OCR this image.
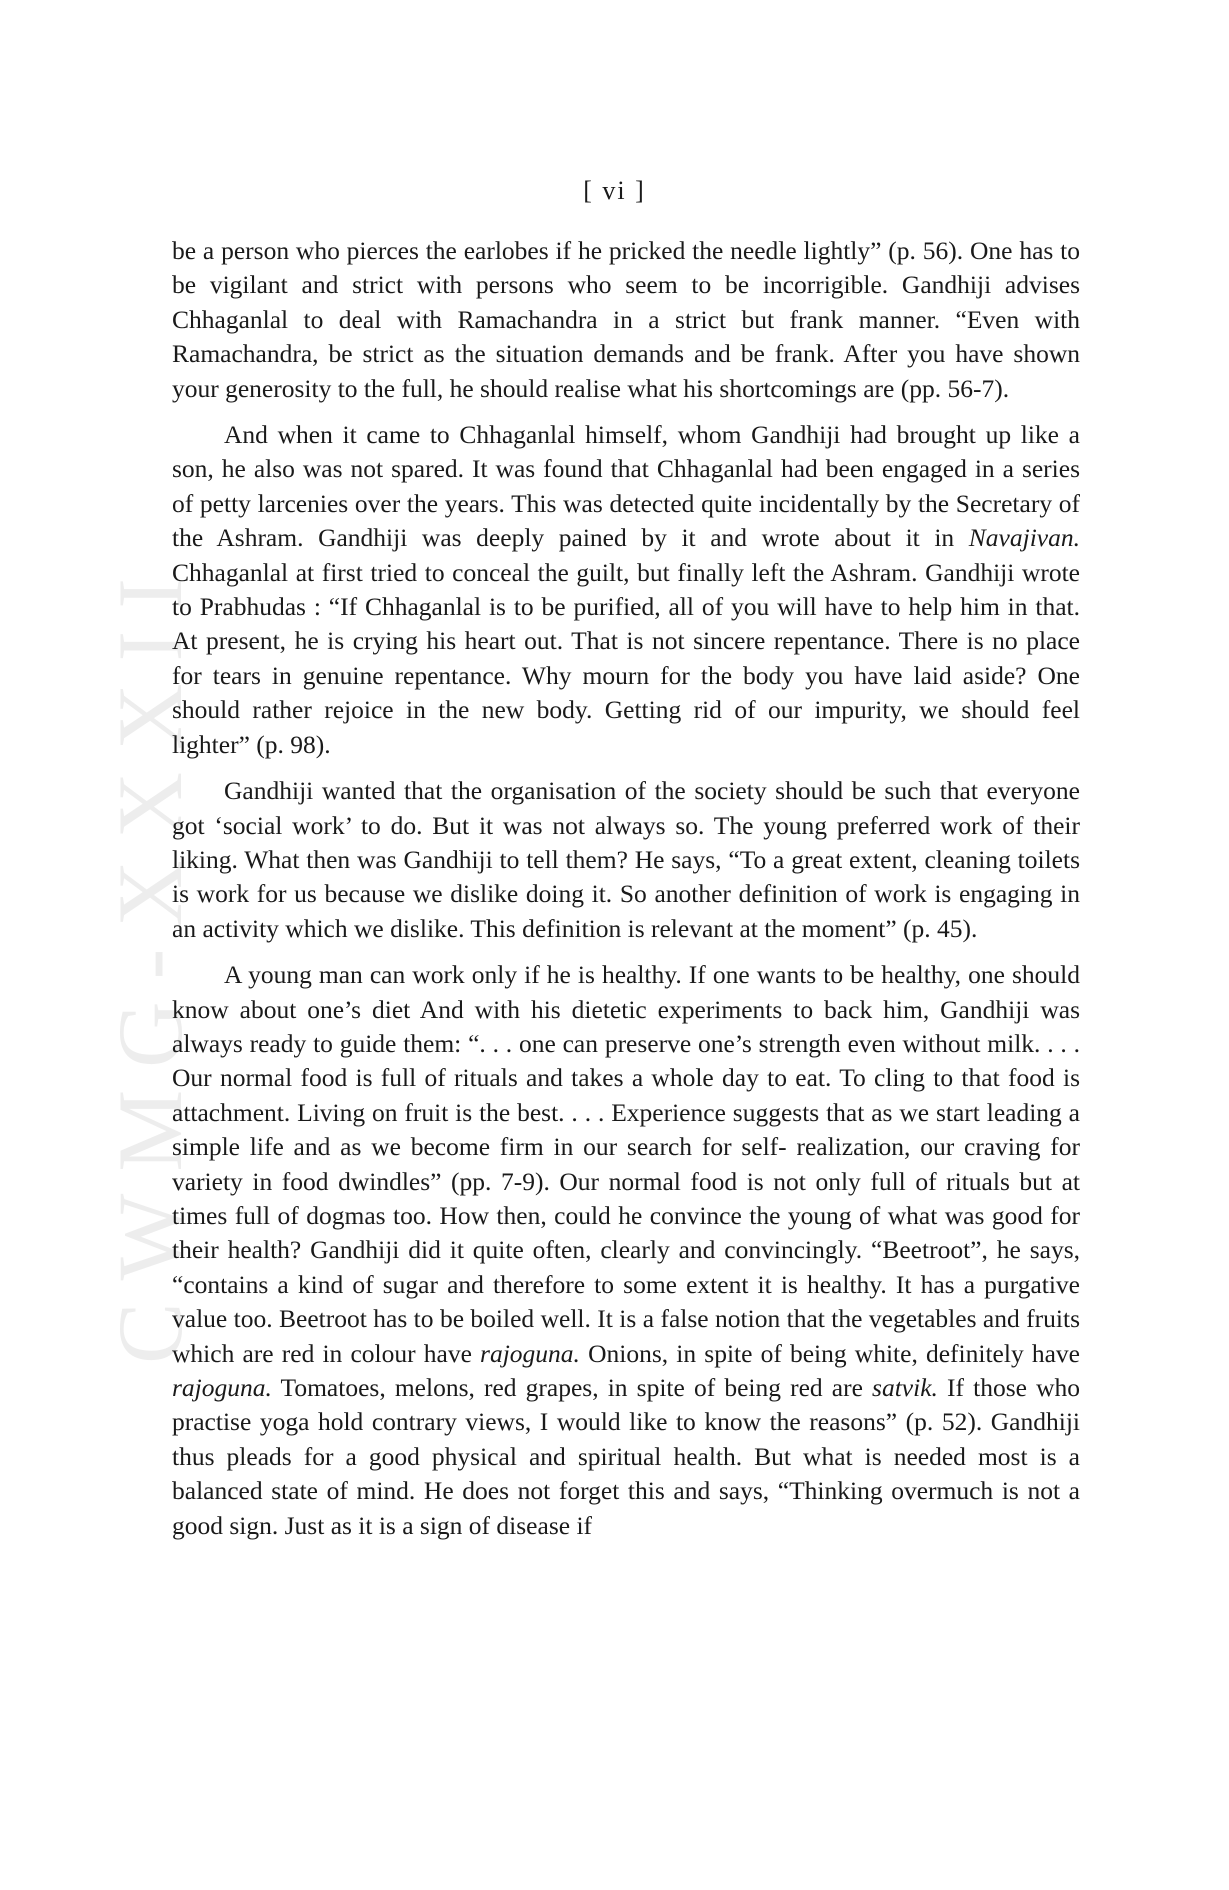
CWMG-XXXII
[ vi ]

be a person who pierces the earlobes if he pricked the needle lightly” (p. 56). One has to be vigilant and strict with persons who seem to be incorrigible. Gandhiji advises Chhaganlal to deal with Ramachandra in a strict but frank manner. “Even with Ramachandra, be strict as the situation demands and be frank. After you have shown your generosity to the full, he should realise what his shortcomings are (pp. 56-7).

And when it came to Chhaganlal himself, whom Gandhiji had brought up like a son, he also was not spared. It was found that Chhaganlal had been engaged in a series of petty larcenies over the years. This was detected quite incidentally by the Secretary of the Ashram. Gandhiji was deeply pained by it and wrote about it in Navajivan. Chhaganlal at first tried to conceal the guilt, but finally left the Ashram. Gandhiji wrote to Prabhudas : “If Chhaganlal is to be purified, all of you will have to help him in that. At present, he is crying his heart out. That is not sincere repentance. There is no place for tears in genuine repentance. Why mourn for the body you have laid aside? One should rather rejoice in the new body. Getting rid of our impurity, we should feel lighter” (p. 98).

Gandhiji wanted that the organisation of the society should be such that everyone got ‘social work’ to do. But it was not always so. The young preferred work of their liking. What then was Gandhiji to tell them? He says, “To a great extent, cleaning toilets is work for us because we dislike doing it. So another definition of work is engaging in an activity which we dislike. This definition is relevant at the moment” (p. 45).

A young man can work only if he is healthy. If one wants to be healthy, one should know about one’s diet And with his dietetic experiments to back him, Gandhiji was always ready to guide them: “. . . one can preserve one’s strength even without milk. . . . Our normal food is full of rituals and takes a whole day to eat. To cling to that food is attachment. Living on fruit is the best. . . . Experience suggests that as we start leading a simple life and as we become firm in our search for self- realization, our craving for variety in food dwindles” (pp. 7-9). Our normal food is not only full of rituals but at times full of dogmas too. How then, could he convince the young of what was good for their health? Gandhiji did it quite often, clearly and convincingly. “Beetroot”, he says, “contains a kind of sugar and therefore to some extent it is healthy. It has a purgative value too. Beetroot has to be boiled well. It is a false notion that the vegetables and fruits which are red in colour have rajoguna. Onions, in spite of being white, definitely have rajoguna. Tomatoes, melons, red grapes, in spite of being red are satvik. If those who practise yoga hold contrary views, I would like to know the reasons” (p. 52). Gandhiji thus pleads for a good physical and spiritual health. But what is needed most is a balanced state of mind. He does not forget this and says, “Thinking overmuch is not a good sign. Just as it is a sign of disease if
